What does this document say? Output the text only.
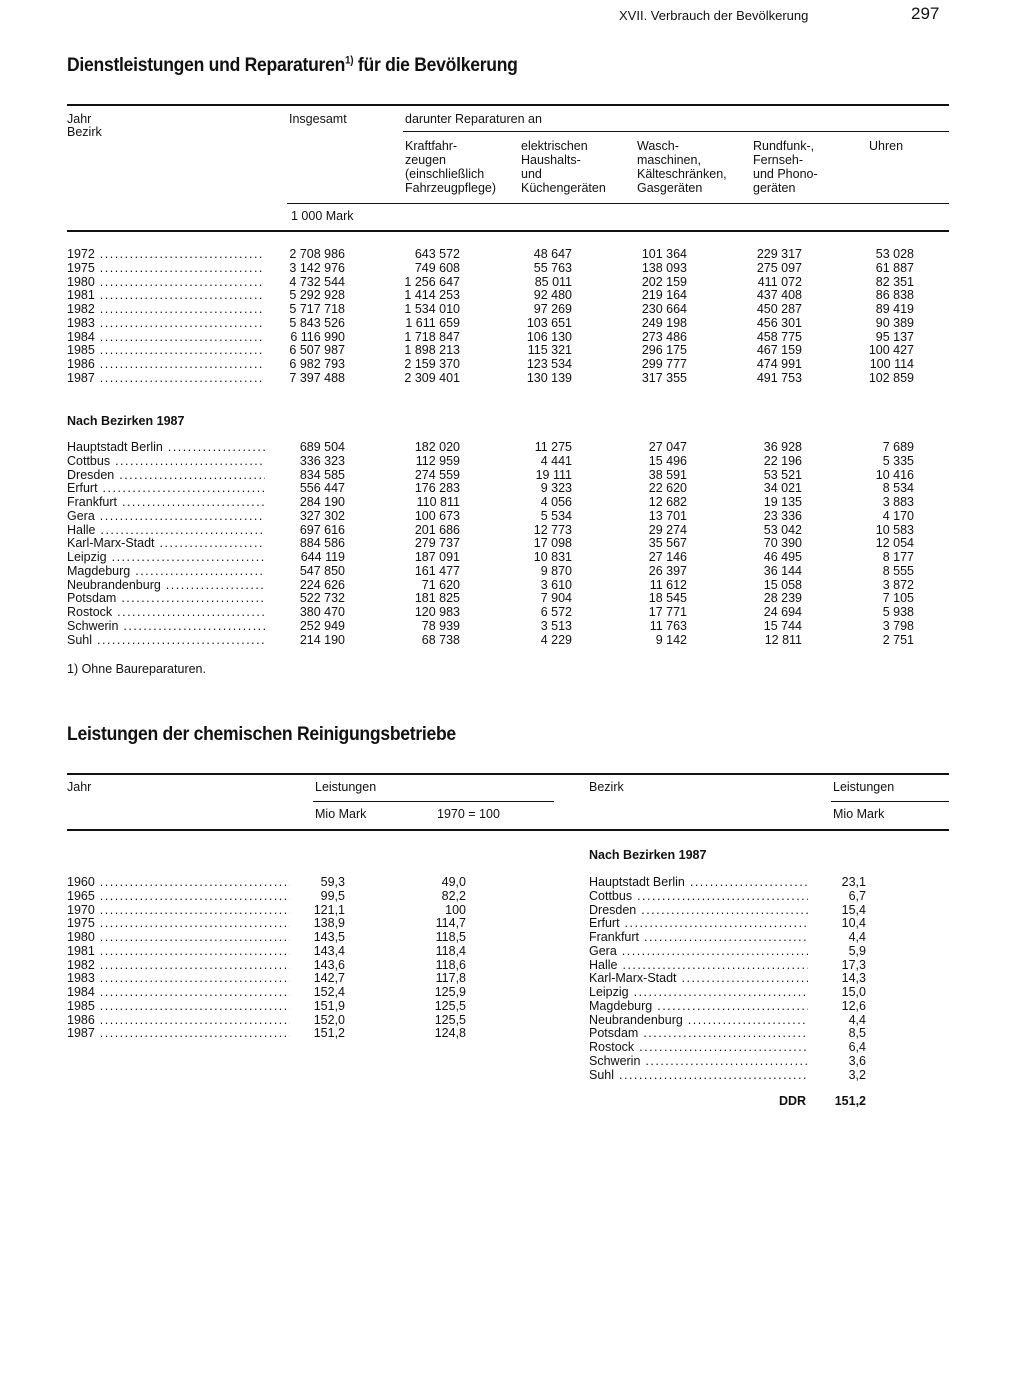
XVII. Verbrauch der Bevölkerung	297
Dienstleistungen und Reparaturen$^{1)}$ für die Bevölkerung
Jahr
Bezirk
Insgesamt	darunter Reparaturen an
Kraftfahr-
zeugen
(einschließlich
Fahrzeugpflege)
elektrischen
Haushalts-
und
Küchengeräten
Wasch-
maschinen,
Kälteschränken,
Gasgeräten
Rundfunk-,
Fernseh-
und Phono-
geräten
Uhren
1 000 Mark
1972 .....	2 708 986	643 572	48 647	101 364	229 317	53 028
1975 .....	3 142 976	749 608	55 763	138 093	275 097	61 887
1980 .....	4 732 544	1 256 647	85 011	202 159	411 072	82 351
1981 .....	5 292 928	1 414 253	92 480	219 164	437 408	86 838
1982 .....	5 717 718	1 534 010	97 269	230 664	450 287	89 419
1983 .....	5 843 526	1 611 659	103 651	249 198	456 301	90 389
1984 .....	6 116 990	1 718 847	106 130	273 486	458 775	95 137
1985 .....	6 507 987	1 898 213	115 321	296 175	467 159	100 427
1986 .....	6 982 793	2 159 370	123 534	299 777	474 991	100 114
1987 .....	7 397 488	2 309 401	130 139	317 355	491 753	102 859
Nach Bezirken 1987
Hauptstadt Berlin .....	689 504	182 020	11 275	27 047	36 928	7 689
Cottbus .....	336 323	112 959	4 441	15 496	22 196	5 335
Dresden .....	834 585	274 559	19 111	38 591	53 521	10 416
Erfurt .....	556 447	176 283	9 323	22 620	34 021	8 534
Frankfurt .....	284 190	110 811	4 056	12 682	19 135	3 883
Gera .....	327 302	100 673	5 534	13 701	23 336	4 170
Halle .....	697 616	201 686	12 773	29 274	53 042	10 583
Karl-Marx-Stadt .....	884 586	279 737	17 098	35 567	70 390	12 054
Leipzig .....	644 119	187 091	10 831	27 146	46 495	8 177
Magdeburg .....	547 850	161 477	9 870	26 397	36 144	8 555
Neubrandenburg .....	224 626	71 620	3 610	11 612	15 058	3 872
Potsdam .....	522 732	181 825	7 904	18 545	28 239	7 105
Rostock .....	380 470	120 983	6 572	17 771	24 694	5 938
Schwerin .....	252 949	78 939	3 513	11 763	15 744	3 798
Suhl .....	214 190	68 738	4 229	9 142	12 811	2 751
1) Ohne Baureparaturen.
Leistungen der chemischen Reinigungsbetriebe
Jahr	Leistungen	Bezirk	Leistungen
Mio Mark	1970 = 100	Mio Mark
Nach Bezirken 1987
1960 .....	59,3	49,0
1965 .....	99,5	82,2
1970 .....	121,1	100
1975 .....	138,9	114,7
1980 .....	143,5	118,5
1981 .....	143,4	118,4
1982 .....	143,6	118,6
1983 .....	142,7	117,8
1984 .....	152,4	125,9
1985 .....	151,9	125,5
1986 .....	152,0	125,5
1987 .....	151,2	124,8
Hauptstadt Berlin .....	23,1
Cottbus .....	6,7
Dresden .....	15,4
Erfurt .....	10,4
Frankfurt .....	4,4
Gera .....	5,9
Halle .....	17,3
Karl-Marx-Stadt .....	14,3
Leipzig .....	15,0
Magdeburg .....	12,6
Neubrandenburg .....	4,4
Potsdam .....	8,5
Rostock .....	6,4
Schwerin .....	3,6
Suhl .....	3,2
DDR	151,2
